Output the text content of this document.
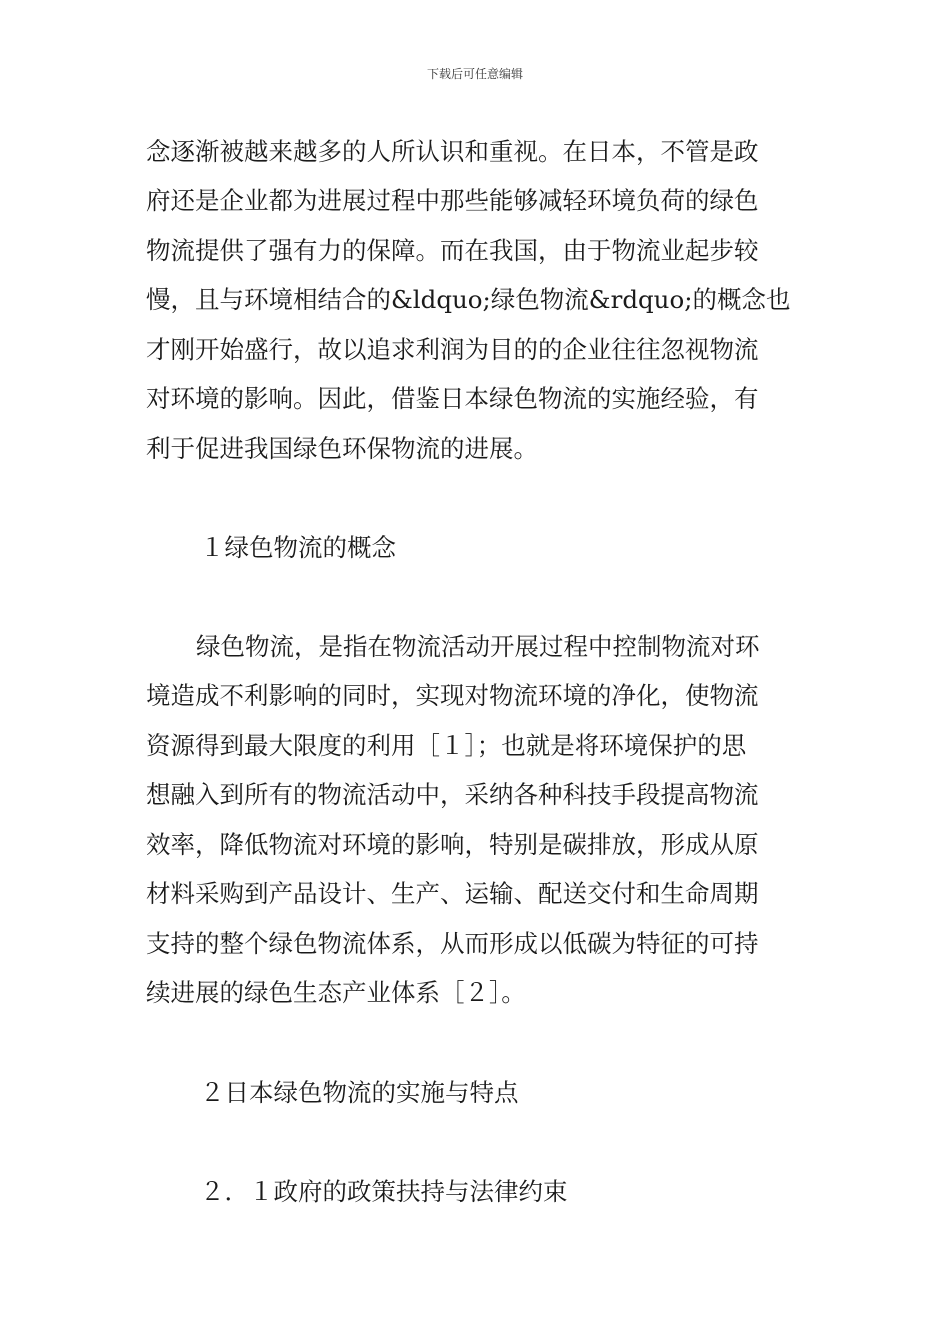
下载后可任意编辑
念逐渐被越来越多的人所认识和重视。在日本，不管是政
府还是企业都为进展过程中那些能够减轻环境负荷的绿色
物流提供了强有力的保障。而在我国，由于物流业起步较
慢，且与环境相结合的&ldquo;绿色物流&rdquo;的概念也
才刚开始盛行，故以追求利润为目的的企业往往忽视物流
对环境的影响。因此，借鉴日本绿色物流的实施经验，有
利于促进我国绿色环保物流的进展。
１绿色物流的概念
绿色物流，是指在物流活动开展过程中控制物流对环
境造成不利影响的同时，实现对物流环境的净化，使物流
资源得到最大限度的利用［１］；也就是将环境保护的思
想融入到所有的物流活动中，采纳各种科技手段提高物流
效率，降低物流对环境的影响，特别是碳排放，形成从原
材料采购到产品设计、生产、运输、配送交付和生命周期
支持的整个绿色物流体系，从而形成以低碳为特征的可持
续进展的绿色生态产业体系［２］。
２日本绿色物流的实施与特点
２．１政府的政策扶持与法律约束
